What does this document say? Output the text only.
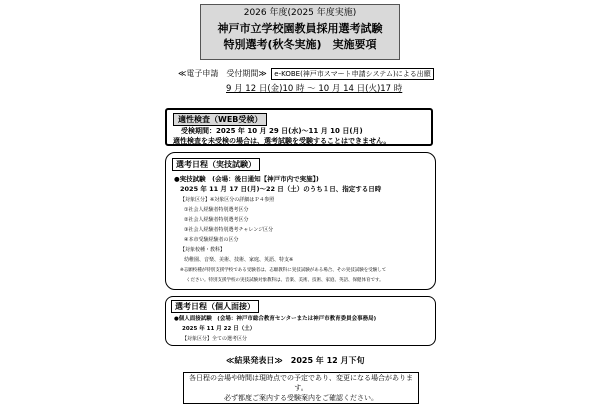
2026 年度(2025 年度実施)
神戸市立学校園教員採用選考試験
特別選考(秋冬実施)　実施要項
≪電子申請　受付期間≫ e-KOBE(神戸市スマート申請システム)による出願
9 月 12 日(金)10 時 ～ 10 月 14 日(火)17 時
適性検査（WEB受検）
受検期間：2025 年 10 月 29 日(水)～11 月 10 日(月)
適性検査を未受検の場合は、選考試験を受験することはできません。
選考日程（実技試験）
●実技試験　(会場：後日通知【神戸市内で実施】)
2025 年 11 月 17 日(月)～22 日（土）のうち１日、指定する日時
【対象区分】※対象区分の詳細はＰ４参照
①社会人経験者特別選考区分
②社会人経験者特別選考区分
③社会人経験者特別選考チャレンジ区分
④本市受験経験者の区分
【対象校種・教科】
幼稚園、音楽、美術、技術、家庭、英語、特支※
※志願校種が特別支援学校である受験者は、志願教科に実技試験がある場合、その実技試験を受験して
ください。特別支援学校の実技試験対象教科は、音楽、美術、技術、家庭、英語、保健体育です。
選考日程（個人面接）
●個人面接試験　(会場：神戸市総合教育センターまたは神戸市教育委員会事務局)
2025 年 11 月 22 日（土）
【対象区分】全ての選考区分
≪結果発表日≫　2025 年 12 月下旬
各日程の会場や時間は現時点での予定であり、変更になる場合があります。
必ず都度ご案内する受験案内をご確認ください。
